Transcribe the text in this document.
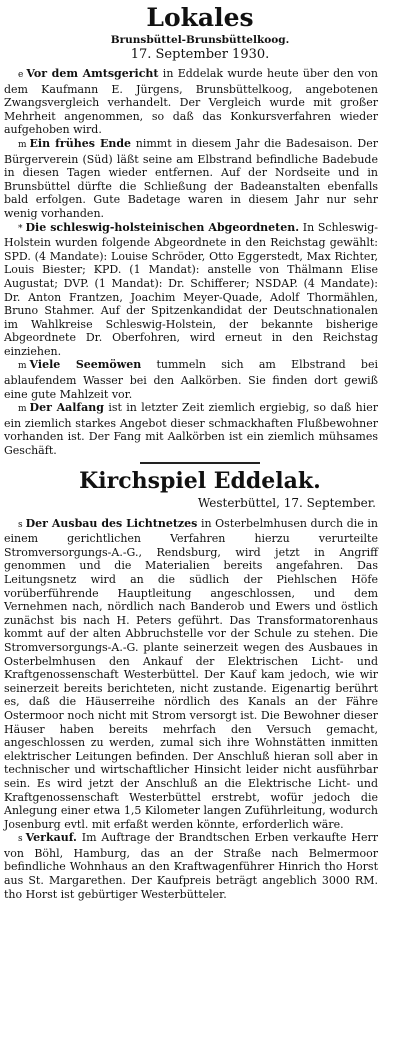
Lokales

Brunsbüttel-Brunsbüttelkoog.

17. September 1930.

e Vor dem Amtsgericht in Eddelak wurde heute über den von dem Kaufmann E. Jürgens, Brunsbüttelkoog, angebotenen Zwangsvergleich verhandelt. Der Vergleich wurde mit großer Mehrheit angenommen, so daß das Konkursverfahren wieder aufgehoben wird.

m Ein frühes Ende nimmt in diesem Jahr die Badesaison. Der Bürgerverein (Süd) läßt seine am Elbstrand befindliche Badebude in diesen Tagen wieder entfernen. Auf der Nordseite und in Brunsbüttel dürfte die Schließung der Badeanstalten ebenfalls bald erfolgen. Gute Badetage waren in diesem Jahr nur sehr wenig vorhanden.

* Die schleswig-holsteinischen Abgeordneten. In Schleswig-Holstein wurden folgende Abgeordnete in den Reichstag gewählt: SPD. (4 Mandate): Louise Schröder, Otto Eggerstedt, Max Richter, Louis Biester; KPD. (1 Mandat): anstelle von Thälmann Elise Augustat; DVP. (1 Mandat): Dr. Schifferer; NSDAP. (4 Mandate): Dr. Anton Frantzen, Joachim Meyer-Quade, Adolf Thormählen, Bruno Stahmer. Auf der Spitzenkandidat der Deutschnationalen im Wahlkreise Schleswig-Holstein, der bekannte bisherige Abgeordnete Dr. Oberfohren, wird erneut in den Reichstag einziehen.

m Viele Seemöwen tummeln sich am Elbstrand bei ablaufendem Wasser bei den Aalkörben. Sie finden dort gewiß eine gute Mahlzeit vor.

m Der Aalfang ist in letzter Zeit ziemlich ergiebig, so daß hier ein ziemlich starkes Angebot dieser schmackhaften Flußbewohner vorhanden ist. Der Fang mit Aalkörben ist ein ziemlich mühsames Geschäft.

Kirchspiel Eddelak.

Westerbüttel, 17. September.

s Der Ausbau des Lichtnetzes in Osterbelmhusen durch die in einem gerichtlichen Verfahren hierzu verurteilte Stromversorgungs-A.-G., Rendsburg, wird jetzt in Angriff genommen und die Materialien bereits angefahren. Das Leitungsnetz wird an die südlich der Piehlschen Höfe vorüberführende Hauptleitung angeschlossen, und dem Vernehmen nach, nördlich nach Banderob und Ewers und östlich zunächst bis nach H. Peters geführt. Das Transformatorenhaus kommt auf der alten Abbruchstelle vor der Schule zu stehen. Die Stromversorgungs-A.-G. plante seinerzeit wegen des Ausbaues in Osterbelmhusen den Ankauf der Elektrischen Licht- und Kraftgenossenschaft Westerbüttel. Der Kauf kam jedoch, wie wir seinerzeit bereits berichteten, nicht zustande. Eigenartig berührt es, daß die Häuserreihe nördlich des Kanals an der Fähre Ostermoor noch nicht mit Strom versorgt ist. Die Bewohner dieser Häuser haben bereits mehrfach den Versuch gemacht, angeschlossen zu werden, zumal sich ihre Wohnstätten inmitten elektrischer Leitungen befinden. Der Anschluß hieran soll aber in technischer und wirtschaftlicher Hinsicht leider nicht ausführbar sein. Es wird jetzt der Anschluß an die Elektrische Licht- und Kraftgenossenschaft Westerbüttel erstrebt, wofür jedoch die Anlegung einer etwa 1,5 Kilometer langen Zuführleitung, wodurch Josenburg evtl. mit erfaßt werden könnte, erforderlich wäre.

s Verkauf. Im Auftrage der Brandtschen Erben verkaufte Herr von Böhl, Hamburg, das an der Straße nach Belmermoor befindliche Wohnhaus an den Kraftwagenführer Hinrich tho Horst aus St. Margarethen. Der Kaufpreis beträgt angeblich 3000 RM. tho Horst ist gebürtiger Westerbütteler.
